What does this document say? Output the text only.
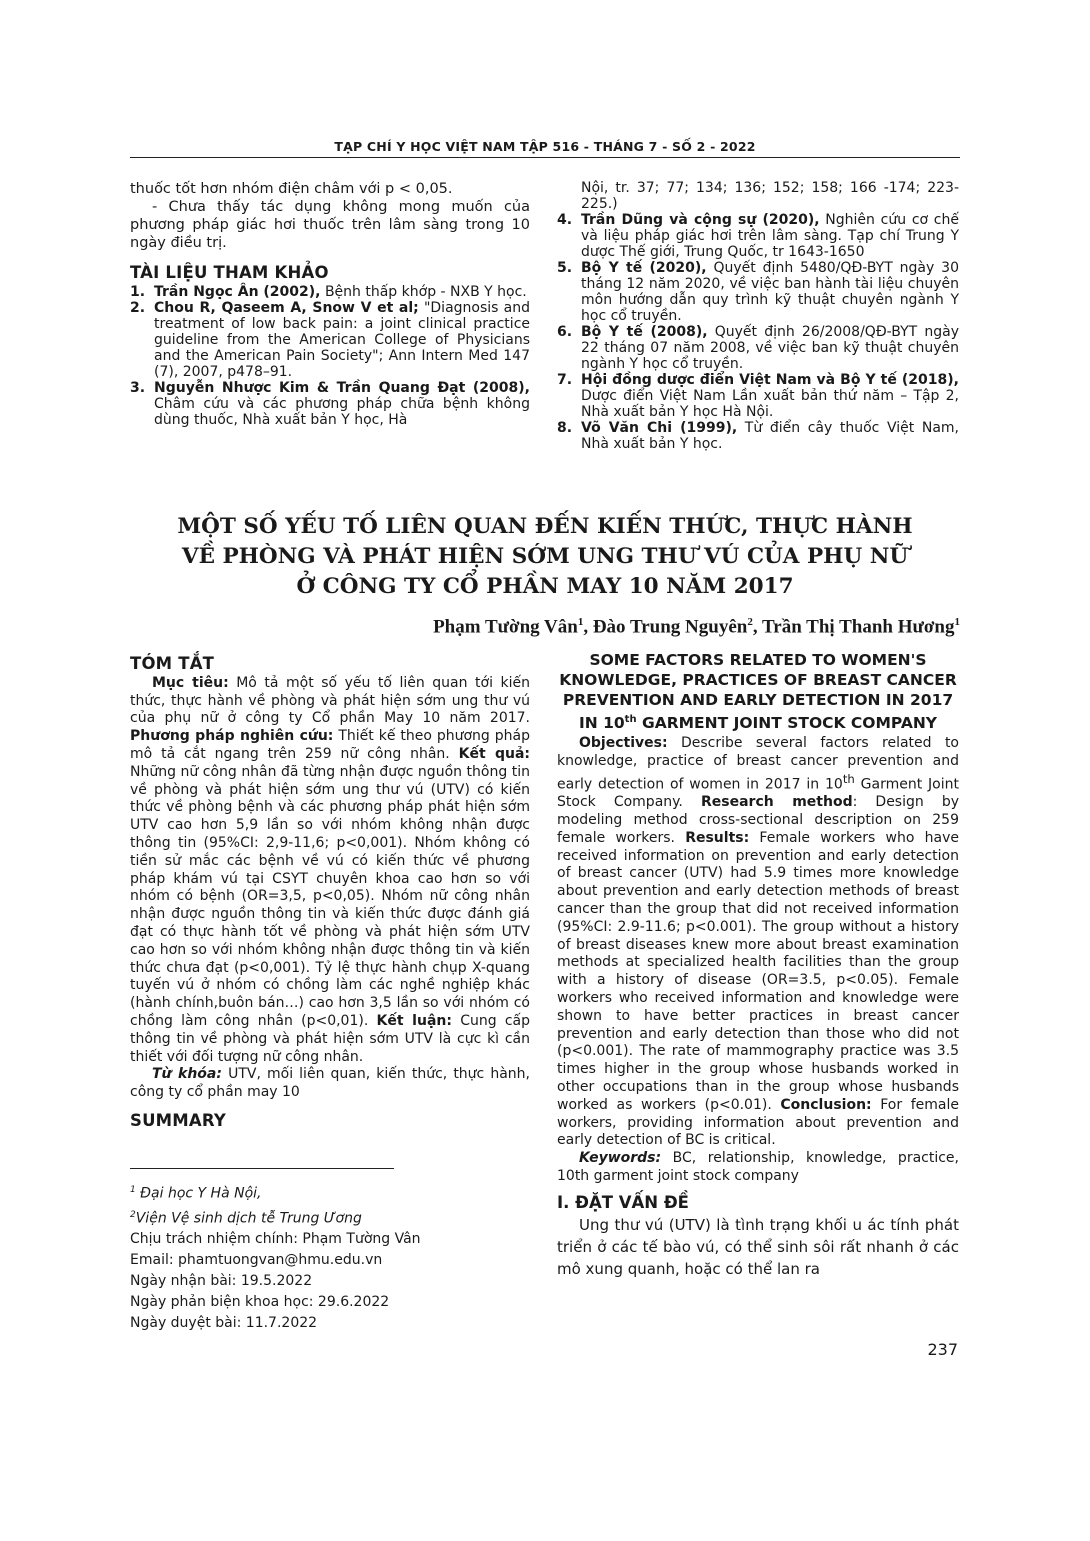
TẠP CHÍ Y HỌC VIỆT NAM TẬP 516 - THÁNG 7 - SỐ 2 - 2022

thuốc tốt hơn nhóm điện châm với p < 0,05.

- Chưa thấy tác dụng không mong muốn của phương pháp giác hơi thuốc trên lâm sàng trong 10 ngày điều trị.

TÀI LIỆU THAM KHẢO
1. Trần Ngọc Ân (2002), Bệnh thấp khớp - NXB Y học.
2. Chou R, Qaseem A, Snow V et al; "Diagnosis and treatment of low back pain: a joint clinical practice guideline from the American College of Physicians and the American Pain Society"; Ann Intern Med 147 (7), 2007, p478–91.
3. Nguyễn Nhược Kim & Trần Quang Đạt (2008), Châm cứu và các phương pháp chữa bệnh không dùng thuốc, Nhà xuất bản Y học, Hà
Nội, tr. 37; 77; 134; 136; 152; 158; 166 -174; 223-225.)
4. Trần Dũng và cộng sự (2020), Nghiên cứu cơ chế và liệu pháp giác hơi trên lâm sàng. Tạp chí Trung Y dược Thế giới, Trung Quốc, tr 1643-1650
5. Bộ Y tế (2020), Quyết định 5480/QĐ-BYT ngày 30 tháng 12 năm 2020, về việc ban hành tài liệu chuyên môn hướng dẫn quy trình kỹ thuật chuyên ngành Y học cổ truyền.
6. Bộ Y tế (2008), Quyết định 26/2008/QĐ-BYT ngày 22 tháng 07 năm 2008, về việc ban kỹ thuật chuyên ngành Y học cổ truyền.
7. Hội đồng dược điển Việt Nam và Bộ Y tế (2018), Dược điển Việt Nam Lần xuất bản thứ năm – Tập 2, Nhà xuất bản Y học Hà Nội.
8. Võ Văn Chi (1999), Từ điển cây thuốc Việt Nam, Nhà xuất bản Y học.
MỘT SỐ YẾU TỐ LIÊN QUAN ĐẾN KIẾN THỨC, THỰC HÀNH
VỀ PHÒNG VÀ PHÁT HIỆN SỚM UNG THƯ VÚ CỦA PHỤ NỮ
Ở CÔNG TY CỔ PHẦN MAY 10 NĂM 2017
Phạm Tường Vân$^1$, Đào Trung Nguyên$^2$, Trần Thị Thanh Hương$^1$
TÓM TẮT

Mục tiêu: Mô tả một số yếu tố liên quan tới kiến thức, thực hành về phòng và phát hiện sớm ung thư vú của phụ nữ ở công ty Cổ phần May 10 năm 2017. Phương pháp nghiên cứu: Thiết kế theo phương pháp mô tả cắt ngang trên 259 nữ công nhân. Kết quả: Những nữ công nhân đã từng nhận được nguồn thông tin về phòng và phát hiện sớm ung thư vú (UTV) có kiến thức về phòng bệnh và các phương pháp phát hiện sớm UTV cao hơn 5,9 lần so với nhóm không nhận được thông tin (95%CI: 2,9-11,6; p<0,001). Nhóm không có tiền sử mắc các bệnh về vú có kiến thức về phương pháp khám vú tại CSYT chuyên khoa cao hơn so với nhóm có bệnh (OR=3,5, p<0,05). Nhóm nữ công nhân nhận được nguồn thông tin và kiến thức được đánh giá đạt có thực hành tốt về phòng và phát hiện sớm UTV cao hơn so với nhóm không nhận được thông tin và kiến thức chưa đạt (p<0,001). Tỷ lệ thực hành chụp X-quang tuyến vú ở nhóm có chồng làm các nghề nghiệp khác (hành chính,buôn bán…) cao hơn 3,5 lần so với nhóm có chồng làm công nhân (p<0,01). Kết luận: Cung cấp thông tin về phòng và phát hiện sớm UTV là cực kì cần thiết với đối tượng nữ công nhân.

Từ khóa: UTV, mối liên quan, kiến thức, thực hành, công ty cổ phần may 10

SUMMARY
SOME FACTORS RELATED TO WOMEN'S KNOWLEDGE, PRACTICES OF BREAST CANCER PREVENTION AND EARLY DETECTION IN 2017 IN 10th GARMENT JOINT STOCK COMPANY

Objectives: Describe several factors related to knowledge, practice of breast cancer prevention and early detection of women in 2017 in 10th Garment Joint Stock Company. Research method: Design by modeling method cross-sectional description on 259 female workers. Results: Female workers who have received information on prevention and early detection of breast cancer (UTV) had 5.9 times more knowledge about prevention and early detection methods of breast cancer than the group that did not received information (95%CI: 2.9-11.6; p<0.001). The group without a history of breast diseases knew more about breast examination methods at specialized health facilities than the group with a history of disease (OR=3.5, p<0.05). Female workers who received information and knowledge were shown to have better practices in breast cancer prevention and early detection than those who did not (p<0.001). The rate of mammography practice was 3.5 times higher in the group whose husbands worked in other occupations than in the group whose husbands worked as workers (p<0.01). Conclusion: For female workers, providing information about prevention and early detection of BC is critical.

Keywords: BC, relationship, knowledge, practice, 10th garment joint stock company

I. ĐẶT VẤN ĐỀ

Ung thư vú (UTV) là tình trạng khối u ác tính phát triển ở các tế bào vú, có thể sinh sôi rất nhanh ở các mô xung quanh, hoặc có thể lan ra

$^1$ Đại học Y Hà Nội,
$^2$Viện Vệ sinh dịch tễ Trung Ương
Chịu trách nhiệm chính: Phạm Tường Vân
Email: phamtuongvan@hmu.edu.vn
Ngày nhận bài: 19.5.2022
Ngày phản biện khoa học: 29.6.2022
Ngày duyệt bài: 11.7.2022
237
